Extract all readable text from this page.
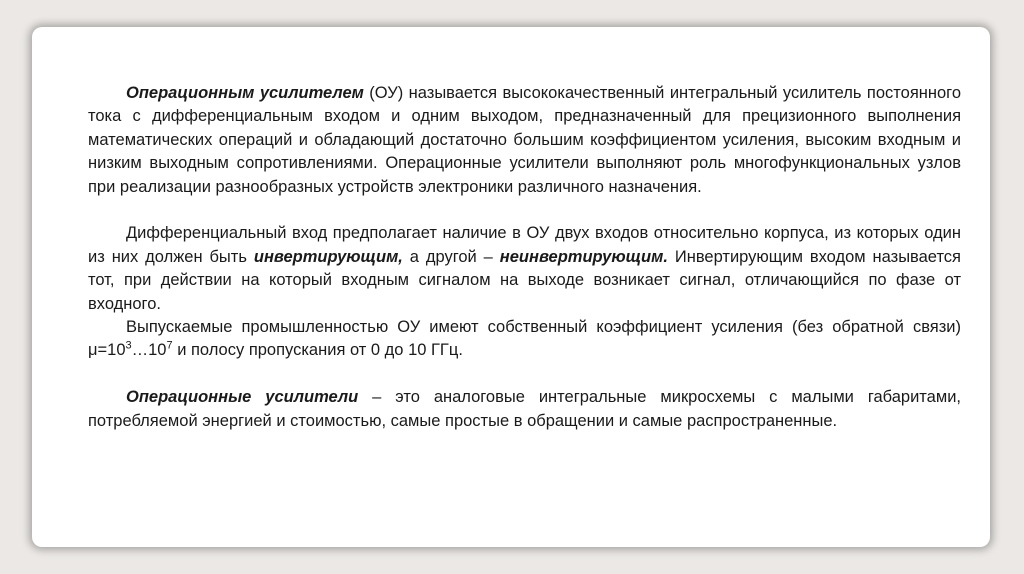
Операционным усилителем (ОУ) называется высококачественный интегральный усилитель постоянного тока с дифференциальным входом и одним выходом, предназначенный для прецизионного выполнения математических операций и обладающий достаточно большим коэффициентом усиления, высоким входным и низким выходным сопротивлениями. Операционные усилители выполняют роль многофункциональных узлов при реализации разнообразных устройств электроники различного назначения.

Дифференциальный вход предполагает наличие в ОУ двух входов относительно корпуса, из которых один из них должен быть инвертирующим, а другой – неинвертирующим. Инвертирующим входом называется тот, при действии на который входным сигналом на выходе возникает сигнал, отличающийся по фазе от входного.

Выпускаемые промышленностью ОУ имеют собственный коэффициент усиления (без обратной связи) $\mu=10^3\dots 10^7$ и полосу пропускания от 0 до 10 ГГц.

Операционные усилители – это аналоговые интегральные микросхемы с малыми габаритами, потребляемой энергией и стоимостью, самые простые в обращении и самые распространенные.
